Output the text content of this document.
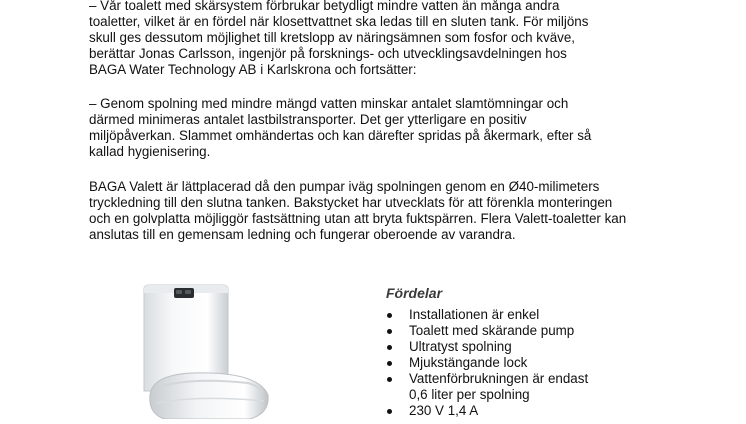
– Vår toalett med skärsystem förbrukar betydligt mindre vatten än många andra
toaletter, vilket är en fördel när klosettvattnet ska ledas till en sluten tank. För miljöns
skull ges dessutom möjlighet till kretslopp av näringsämnen som fosfor och kväve,
berättar Jonas Carlsson, ingenjör på forsknings- och utvecklingsavdelningen hos
BAGA Water Technology AB i Karlskrona och fortsätter:

– Genom spolning med mindre mängd vatten minskar antalet slamtömningar och
därmed minimeras antalet lastbilstransporter. Det ger ytterligare en positiv
miljöpåverkan. Slammet omhändertas och kan därefter spridas på åkermark, efter så
kallad hygienisering.

BAGA Valett är lättplacerad då den pumpar iväg spolningen genom en Ø40-milimeters
tryckledning till den slutna tanken. Bakstycket har utvecklats för att förenkla monteringen
och en golvplatta möjliggör fastsättning utan att bryta fuktspärren. Flera Valett-toaletter kan
anslutas till en gemensam ledning och fungerar oberoende av varandra.

Fördelar
Installationen är enkel
Toalett med skärande pump
Ultratyst spolning
Mjukstängande lock
Vattenförbrukningen är endast
0,6 liter per spolning
230 V 1,4 A
